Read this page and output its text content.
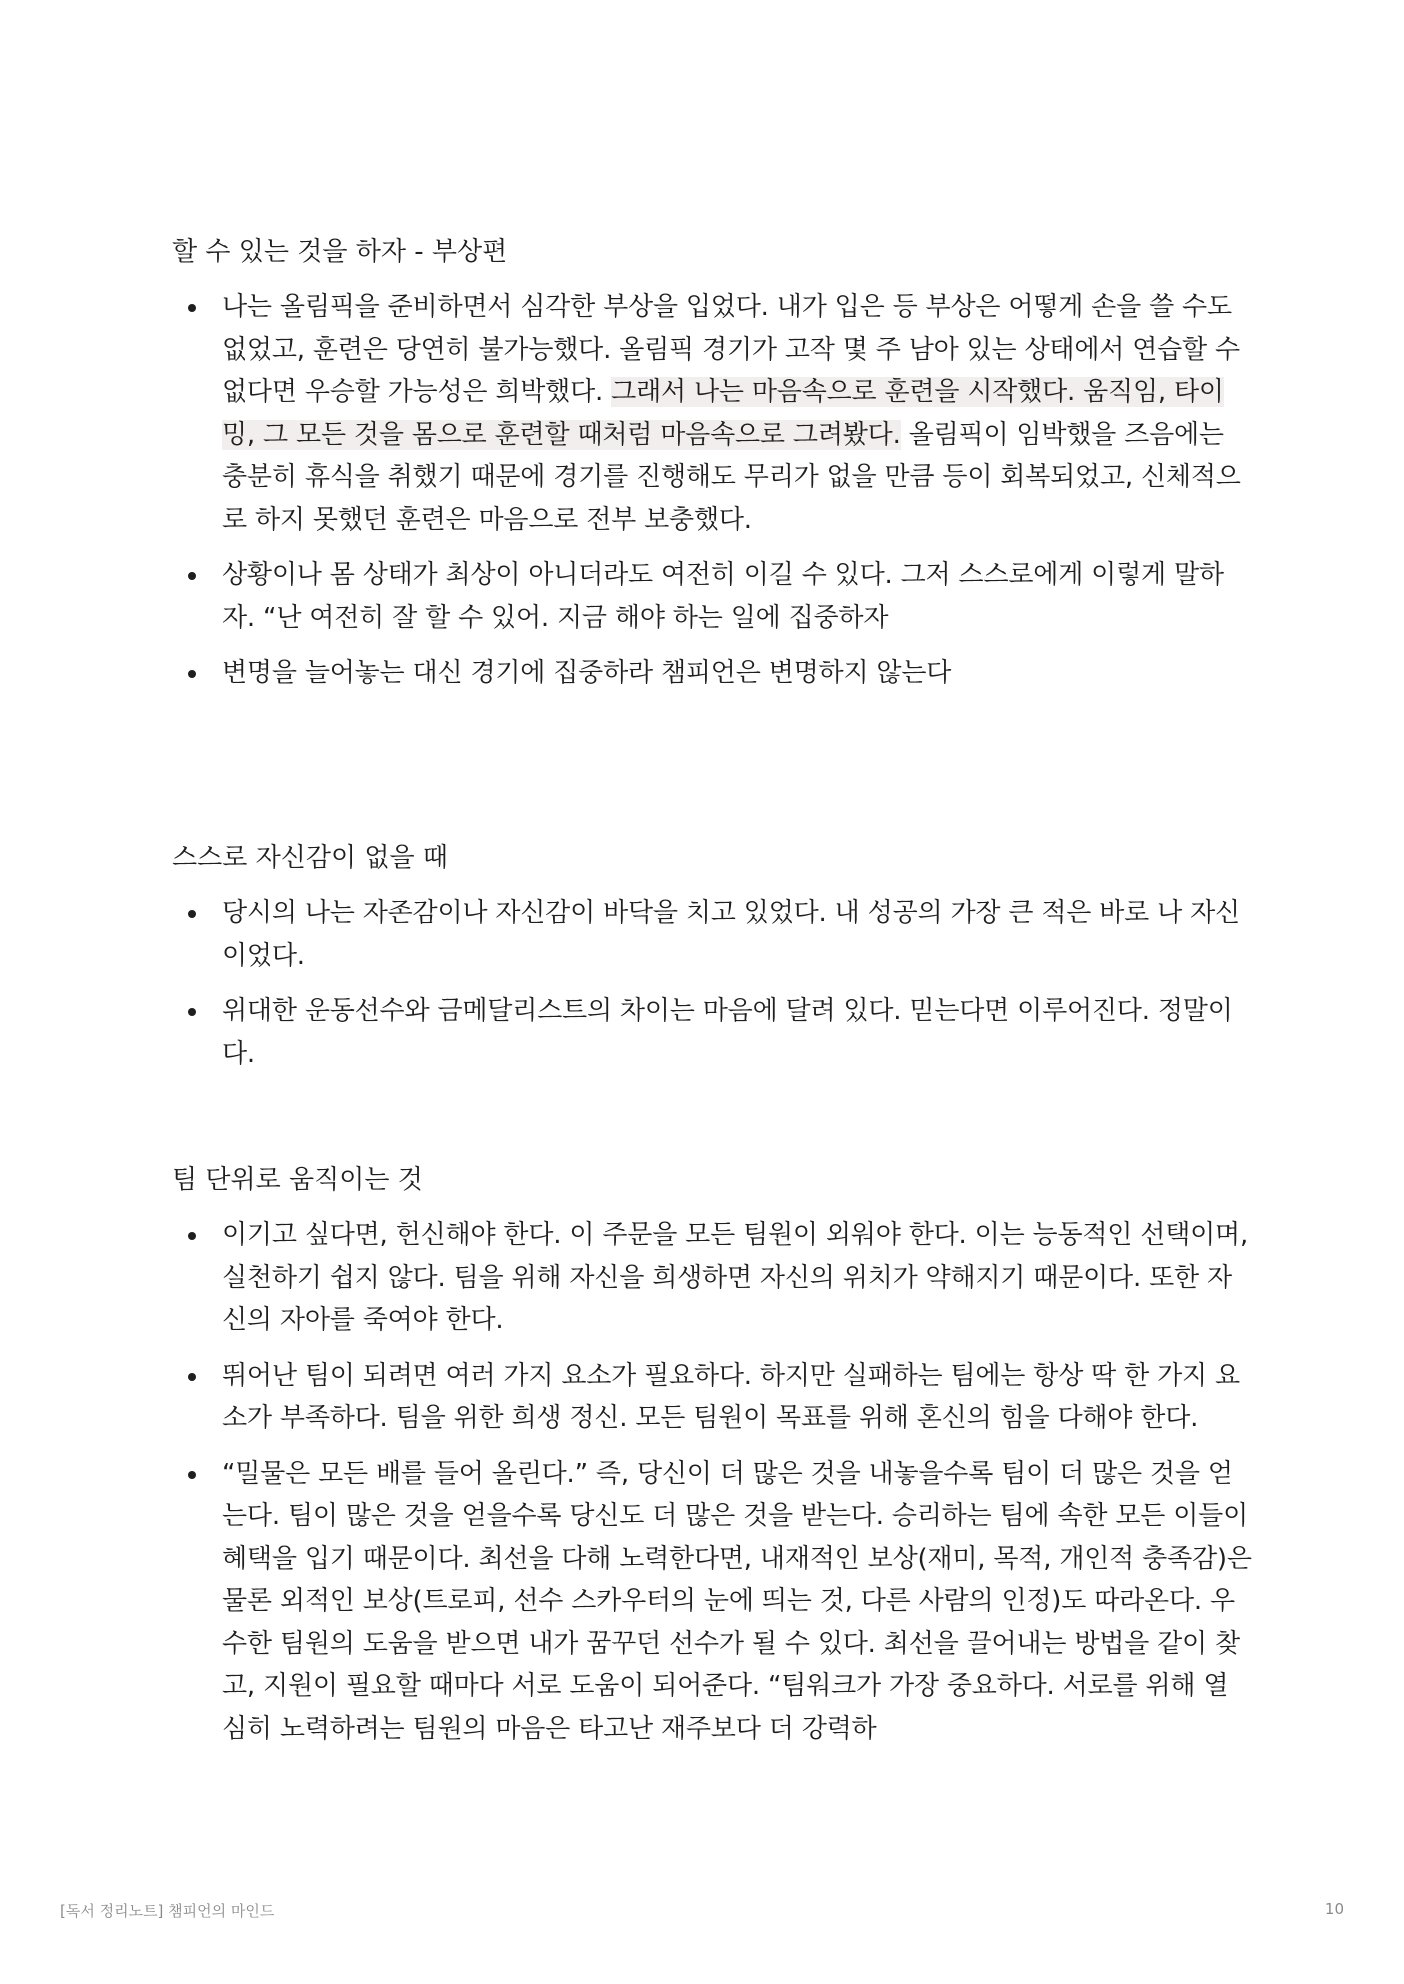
할 수 있는 것을 하자 - 부상편
나는 올림픽을 준비하면서 심각한 부상을 입었다. 내가 입은 등 부상은 어떻게 손을 쓸 수도 없었고, 훈련은 당연히 불가능했다. 올림픽 경기가 고작 몇 주 남아 있는 상태에서 연습할 수 없다면 우승할 가능성은 희박했다. 그래서 나는 마음속으로 훈련을 시작했다. 움직임, 타이밍, 그 모든 것을 몸으로 훈련할 때처럼 마음속으로 그려봤다. 올림픽이 임박했을 즈음에는 충분히 휴식을 취했기 때문에 경기를 진행해도 무리가 없을 만큼 등이 회복되었고, 신체적으로 하지 못했던 훈련은 마음으로 전부 보충했다.
상황이나 몸 상태가 최상이 아니더라도 여전히 이길 수 있다. 그저 스스로에게 이렇게 말하자. “난 여전히 잘 할 수 있어. 지금 해야 하는 일에 집중하자
변명을 늘어놓는 대신 경기에 집중하라 챔피언은 변명하지 않는다
스스로 자신감이 없을 때
당시의 나는 자존감이나 자신감이 바닥을 치고 있었다. 내 성공의 가장 큰 적은 바로 나 자신이었다.
위대한 운동선수와 금메달리스트의 차이는 마음에 달려 있다. 믿는다면 이루어진다. 정말이다.
팀 단위로 움직이는 것
이기고 싶다면, 헌신해야 한다. 이 주문을 모든 팀원이 외워야 한다. 이는 능동적인 선택이며, 실천하기 쉽지 않다. 팀을 위해 자신을 희생하면 자신의 위치가 약해지기 때문이다. 또한 자신의 자아를 죽여야 한다.
뛰어난 팀이 되려면 여러 가지 요소가 필요하다. 하지만 실패하는 팀에는 항상 딱 한 가지 요소가 부족하다. 팀을 위한 희생 정신. 모든 팀원이 목표를 위해 혼신의 힘을 다해야 한다.
“밀물은 모든 배를 들어 올린다.” 즉, 당신이 더 많은 것을 내놓을수록 팀이 더 많은 것을 얻는다. 팀이 많은 것을 얻을수록 당신도 더 많은 것을 받는다. 승리하는 팀에 속한 모든 이들이 혜택을 입기 때문이다. 최선을 다해 노력한다면, 내재적인 보상(재미, 목적, 개인적 충족감)은 물론 외적인 보상(트로피, 선수 스카우터의 눈에 띄는 것, 다른 사람의 인정)도 따라온다. 우수한 팀원의 도움을 받으면 내가 꿈꾸던 선수가 될 수 있다. 최선을 끌어내는 방법을 같이 찾고, 지원이 필요할 때마다 서로 도움이 되어준다. “팀워크가 가장 중요하다. 서로를 위해 열심히 노력하려는 팀원의 마음은 타고난 재주보다 더 강력하
[독서 정리노트] 챔피언의 마인드	10
